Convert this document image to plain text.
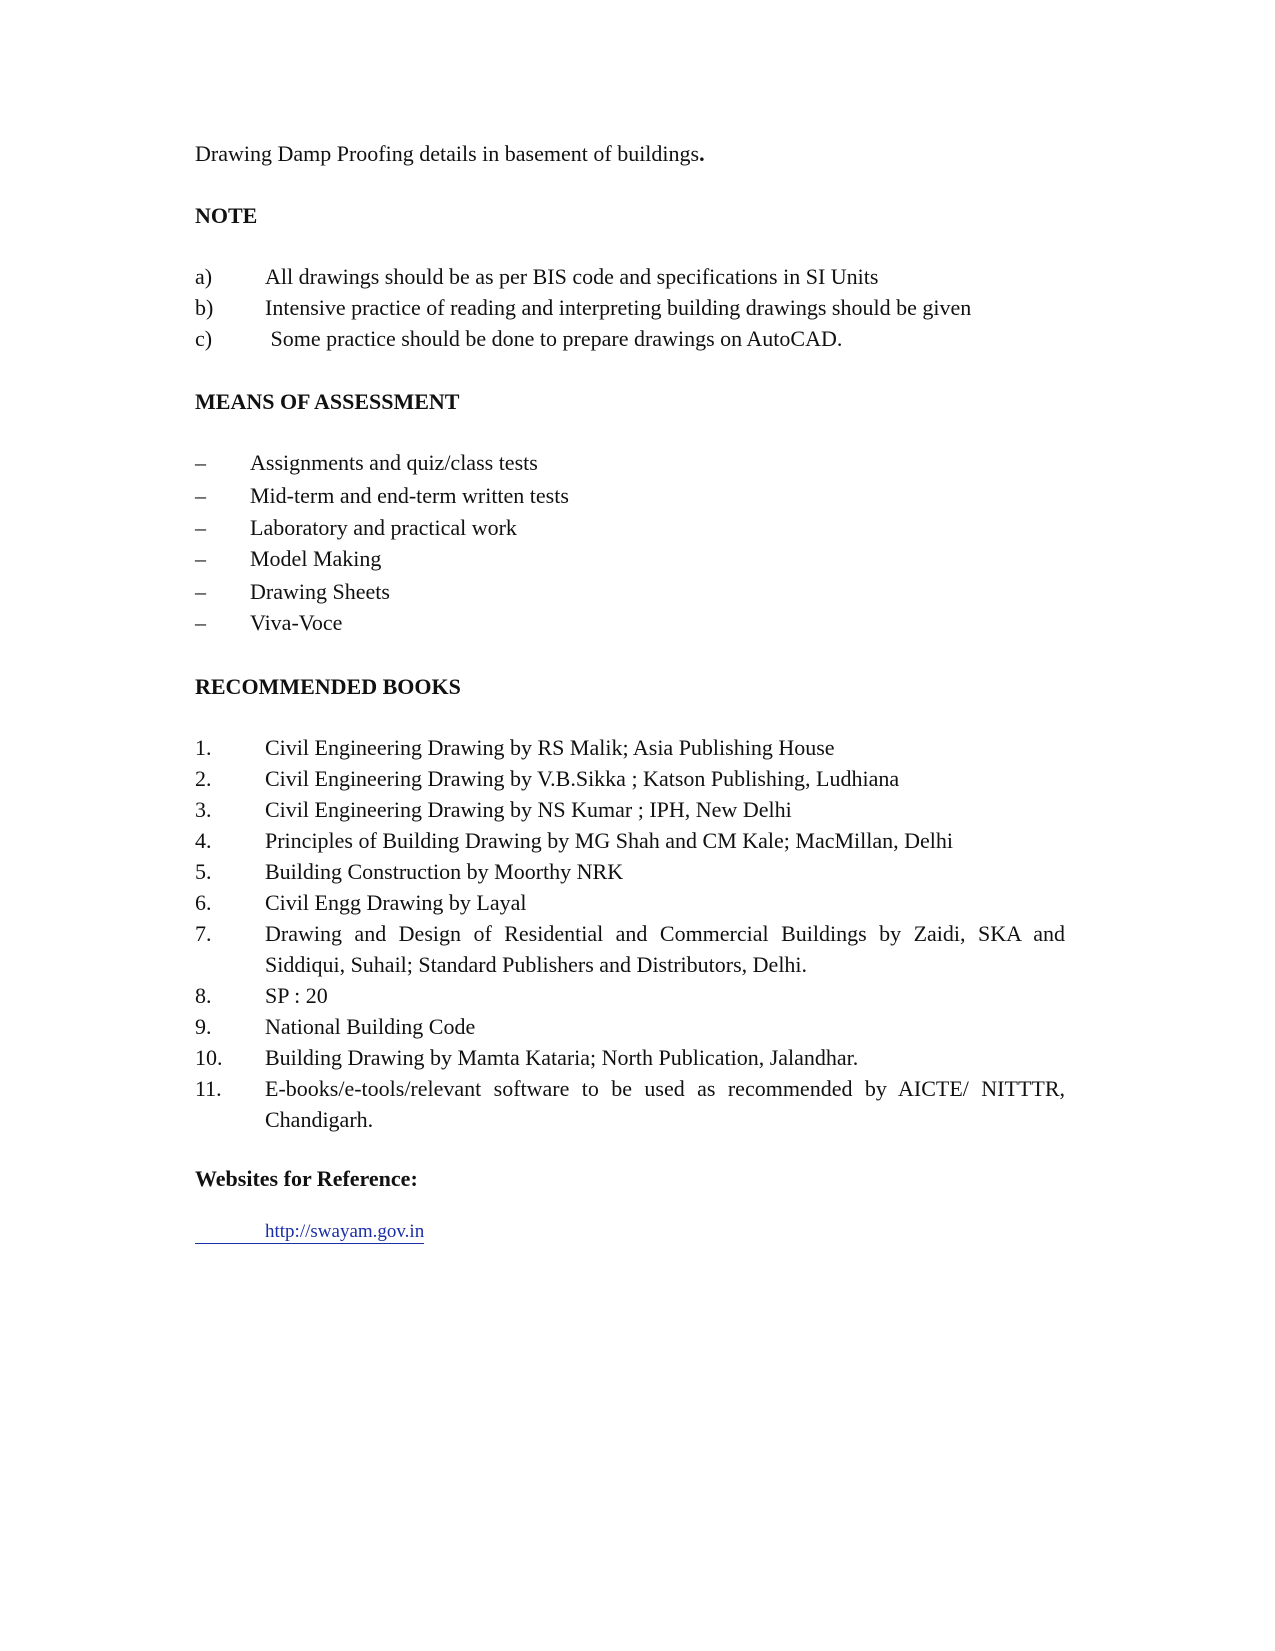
Drawing Damp Proofing details in basement of buildings.
NOTE
a) All drawings should be as per BIS code and specifications in SI Units
b) Intensive practice of reading and interpreting building drawings should be given
c) Some practice should be done to prepare drawings on AutoCAD.
MEANS OF ASSESSMENT
– Assignments and quiz/class tests
– Mid-term and end-term written tests
– Laboratory and practical work
– Model Making
– Drawing Sheets
– Viva-Voce
RECOMMENDED BOOKS
1. Civil Engineering Drawing by RS Malik; Asia Publishing House
2. Civil Engineering Drawing by V.B.Sikka ; Katson Publishing, Ludhiana
3. Civil Engineering Drawing by NS Kumar ; IPH, New Delhi
4. Principles of Building Drawing by MG Shah and CM Kale; MacMillan, Delhi
5. Building Construction by Moorthy NRK
6. Civil Engg Drawing by Layal
7. Drawing and Design of Residential and Commercial Buildings by Zaidi, SKA and
Siddiqui, Suhail; Standard Publishers and Distributors, Delhi.
8. SP : 20
9. National Building Code
10. Building Drawing by Mamta Kataria; North Publication, Jalandhar.
11. E-books/e-tools/relevant software to be used as recommended by AICTE/ NITTTR,
Chandigarh.
Websites for Reference:
http://swayam.gov.in
